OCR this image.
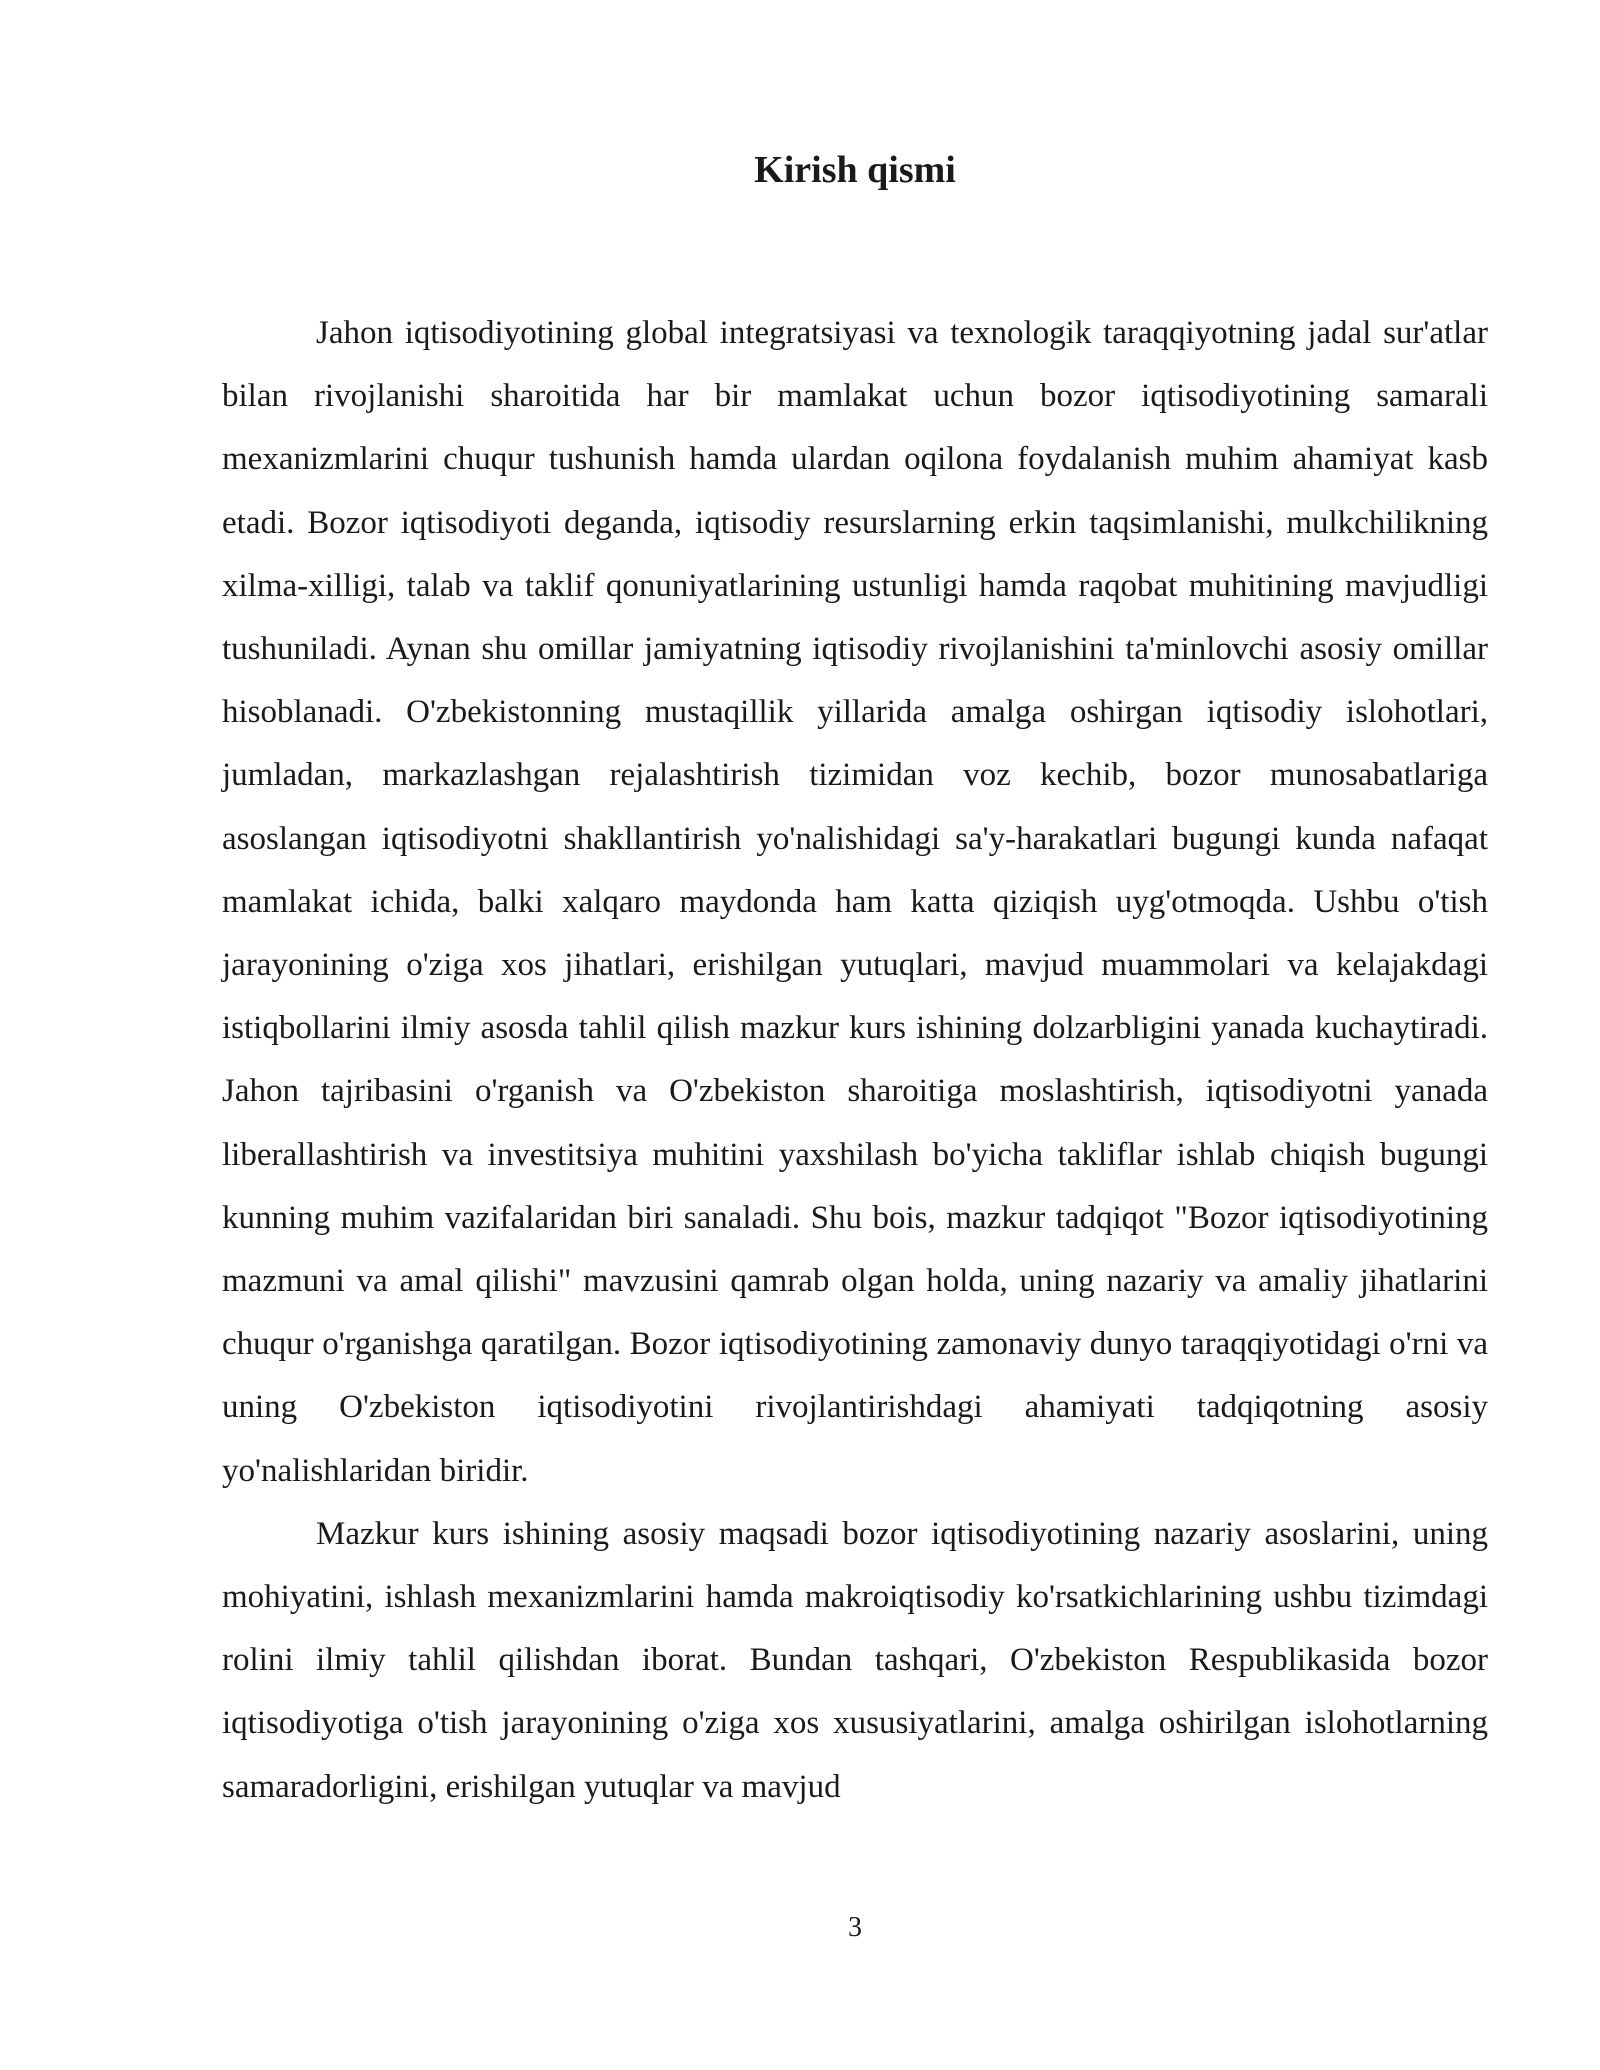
Kirish qismi

Jahon iqtisodiyotining global integratsiyasi va texnologik taraqqiyotning jadal sur'atlar bilan rivojlanishi sharoitida har bir mamlakat uchun bozor iqtisodiyotining samarali mexanizmlarini chuqur tushunish hamda ulardan oqilona foydalanish muhim ahamiyat kasb etadi. Bozor iqtisodiyoti deganda, iqtisodiy resurslarning erkin taqsimlanishi, mulkchilikning xilma-xilligi, talab va taklif qonuniyatlarining ustunligi hamda raqobat muhitining mavjudligi tushuniladi. Aynan shu omillar jamiyatning iqtisodiy rivojlanishini ta'minlovchi asosiy omillar hisoblanadi. O'zbekistonning mustaqillik yillarida amalga oshirgan iqtisodiy islohotlari, jumladan, markazlashgan rejalashtirish tizimidan voz kechib, bozor munosabatlariga asoslangan iqtisodiyotni shakllantirish yo'nalishidagi sa'y-harakatlari bugungi kunda nafaqat mamlakat ichida, balki xalqaro maydonda ham katta qiziqish uyg'otmoqda. Ushbu o'tish jarayonining o'ziga xos jihatlari, erishilgan yutuqlari, mavjud muammolari va kelajakdagi istiqbollarini ilmiy asosda tahlil qilish mazkur kurs ishining dolzarbligini yanada kuchaytiradi. Jahon tajribasini o'rganish va O'zbekiston sharoitiga moslashtirish, iqtisodiyotni yanada liberallashtirish va investitsiya muhitini yaxshilash bo'yicha takliflar ishlab chiqish bugungi kunning muhim vazifalaridan biri sanaladi. Shu bois, mazkur tadqiqot "Bozor iqtisodiyotining mazmuni va amal qilishi" mavzusini qamrab olgan holda, uning nazariy va amaliy jihatlarini chuqur o'rganishga qaratilgan. Bozor iqtisodiyotining zamonaviy dunyo taraqqiyotidagi o'rni va uning O'zbekiston iqtisodiyotini rivojlantirishdagi ahamiyati tadqiqotning asosiy yo'nalishlaridan biridir.

Mazkur kurs ishining asosiy maqsadi bozor iqtisodiyotining nazariy asoslarini, uning mohiyatini, ishlash mexanizmlarini hamda makroiqtisodiy ko'rsatkichlarining ushbu tizimdagi rolini ilmiy tahlil qilishdan iborat. Bundan tashqari, O'zbekiston Respublikasida bozor iqtisodiyotiga o'tish jarayonining o'ziga xos xususiyatlarini, amalga oshirilgan islohotlarning samaradorligini, erishilgan yutuqlar va mavjud

3
